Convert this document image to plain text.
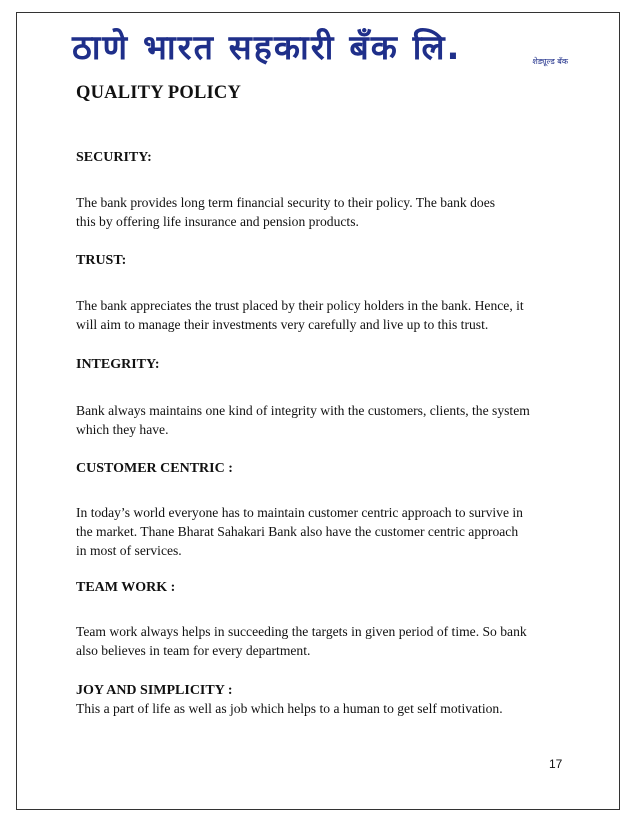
ठाणे भारत सहकारी बँक लि.	शेड्यूल्ड बँक
QUALITY POLICY
SECURITY:

The bank provides long term financial security to their policy. The bank does
this by offering life insurance and pension products.

TRUST:

The bank appreciates the trust placed by their policy holders in the bank. Hence, it
will aim to manage their investments very carefully and live up to this trust.

INTEGRITY:

Bank always maintains one kind of integrity with the customers, clients, the system
which they have.

CUSTOMER CENTRIC :

In today’s world everyone has to maintain customer centric approach to survive in
the market. Thane Bharat Sahakari Bank also have the customer centric approach
in most of services.

TEAM WORK :

Team work always helps in succeeding the targets in given period of time. So bank
also believes in team for every department.

JOY AND SIMPLICITY :

This a part of life as well as job which helps to a human to get self motivation.

17
